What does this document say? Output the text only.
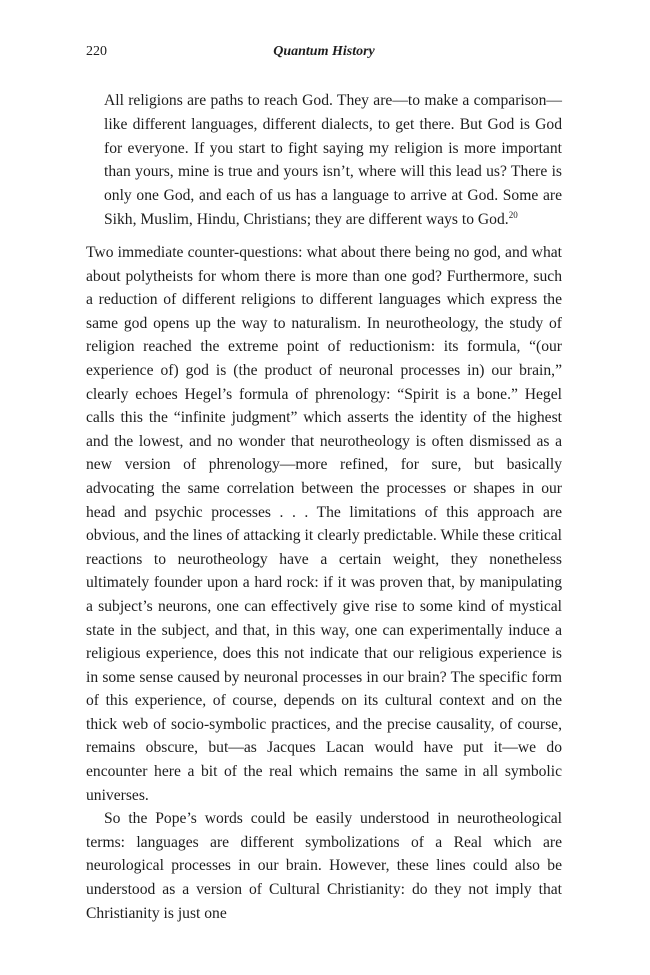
220	Quantum History
All religions are paths to reach God. They are—to make a comparison—like different languages, different dialects, to get there. But God is God for everyone. If you start to fight saying my religion is more important than yours, mine is true and yours isn’t, where will this lead us? There is only one God, and each of us has a language to arrive at God. Some are Sikh, Muslim, Hindu, Christians; they are different ways to God.$^{20}$

Two immediate counter-questions: what about there being no god, and what about polytheists for whom there is more than one god? Furthermore, such a reduction of different religions to different languages which express the same god opens up the way to naturalism. In neurotheology, the study of religion reached the extreme point of reductionism: its formula, “(our experience of) god is (the product of neuronal processes in) our brain,” clearly echoes Hegel’s formula of phrenology: “Spirit is a bone.” Hegel calls this the “infinite judgment” which asserts the identity of the highest and the lowest, and no wonder that neurotheology is often dismissed as a new version of phrenology—more refined, for sure, but basically advocating the same correlation between the processes or shapes in our head and psychic processes . . . The limitations of this approach are obvious, and the lines of attacking it clearly predictable. While these critical reactions to neurotheology have a certain weight, they nonetheless ultimately founder upon a hard rock: if it was proven that, by manipulating a subject’s neurons, one can effectively give rise to some kind of mystical state in the subject, and that, in this way, one can experimentally induce a religious experience, does this not indicate that our religious experience is in some sense caused by neuronal processes in our brain? The specific form of this experience, of course, depends on its cultural context and on the thick web of socio-symbolic practices, and the precise causality, of course, remains obscure, but—as Jacques Lacan would have put it—we do encounter here a bit of the real which remains the same in all symbolic universes.

So the Pope’s words could be easily understood in neurotheological terms: languages are different symbolizations of a Real which are neurological processes in our brain. However, these lines could also be understood as a version of Cultural Christianity: do they not imply that Christianity is just one
